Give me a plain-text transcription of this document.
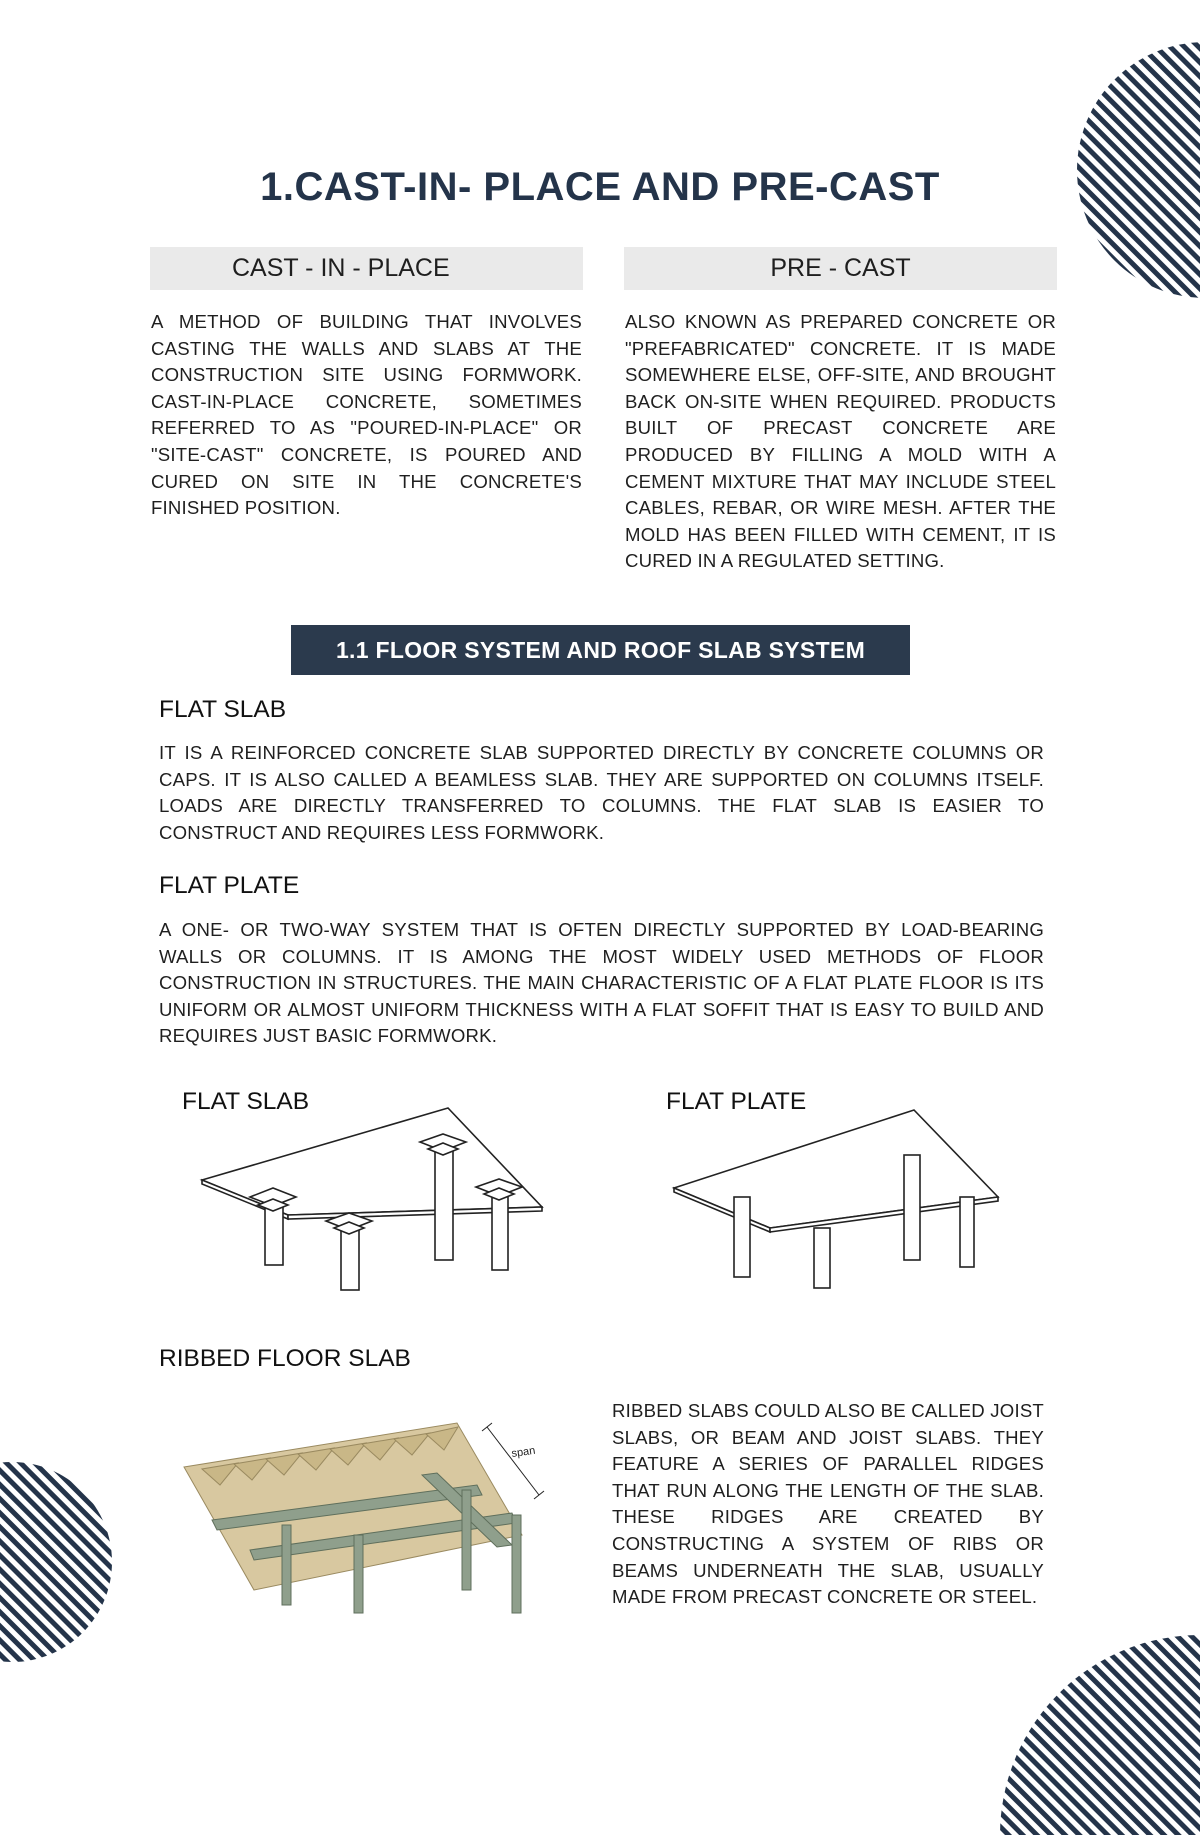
1.CAST-IN- PLACE AND PRE-CAST
CAST - IN - PLACE	PRE - CAST

A METHOD OF BUILDING THAT INVOLVES CASTING THE WALLS AND SLABS AT THE CONSTRUCTION SITE USING FORMWORK. CAST-IN-PLACE CONCRETE, SOMETIMES REFERRED TO AS "POURED-IN-PLACE" OR "SITE-CAST" CONCRETE, IS POURED AND CURED ON SITE IN THE CONCRETE'S FINISHED POSITION.

ALSO KNOWN AS PREPARED CONCRETE OR "PREFABRICATED" CONCRETE. IT IS MADE SOMEWHERE ELSE, OFF-SITE, AND BROUGHT BACK ON-SITE WHEN REQUIRED. PRODUCTS BUILT OF PRECAST CONCRETE ARE PRODUCED BY FILLING A MOLD WITH A CEMENT MIXTURE THAT MAY INCLUDE STEEL CABLES, REBAR, OR WIRE MESH. AFTER THE MOLD HAS BEEN FILLED WITH CEMENT, IT IS CURED IN A REGULATED SETTING.

1.1 FLOOR SYSTEM AND ROOF SLAB SYSTEM
FLAT SLAB

IT IS A REINFORCED CONCRETE SLAB SUPPORTED DIRECTLY BY CONCRETE COLUMNS OR CAPS. IT IS ALSO CALLED A BEAMLESS SLAB. THEY ARE SUPPORTED ON COLUMNS ITSELF. LOADS ARE DIRECTLY TRANSFERRED TO COLUMNS. THE FLAT SLAB IS EASIER TO CONSTRUCT AND REQUIRES LESS FORMWORK.

FLAT PLATE

A ONE- OR TWO-WAY SYSTEM THAT IS OFTEN DIRECTLY SUPPORTED BY LOAD-BEARING WALLS OR COLUMNS. IT IS AMONG THE MOST WIDELY USED METHODS OF FLOOR CONSTRUCTION IN STRUCTURES. THE MAIN CHARACTERISTIC OF A FLAT PLATE FLOOR IS ITS UNIFORM OR ALMOST UNIFORM THICKNESS WITH A FLAT SOFFIT THAT IS EASY TO BUILD AND REQUIRES JUST BASIC FORMWORK.

FLAT SLAB	FLAT PLATE
RIBBED FLOOR SLAB
span

RIBBED SLABS COULD ALSO BE CALLED JOIST SLABS, OR BEAM AND JOIST SLABS. THEY FEATURE A SERIES OF PARALLEL RIDGES THAT RUN ALONG THE LENGTH OF THE SLAB. THESE RIDGES ARE CREATED BY CONSTRUCTING A SYSTEM OF RIBS OR BEAMS UNDERNEATH THE SLAB, USUALLY MADE FROM PRECAST CONCRETE OR STEEL.
